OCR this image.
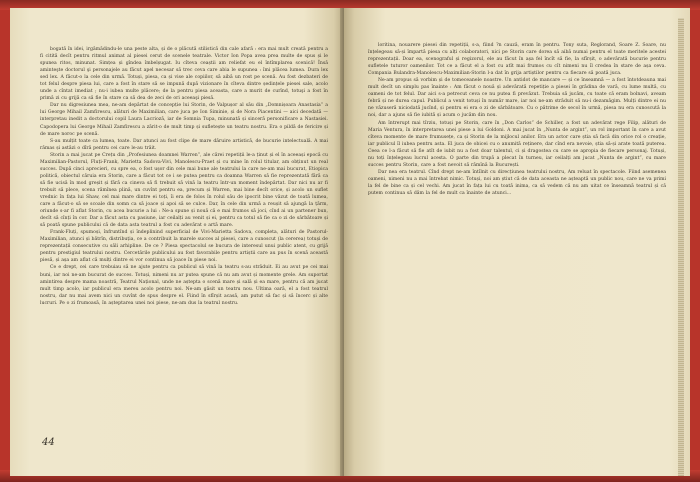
bogată în idei, irgămădindu-le una peste alta, și de o plăcută stilistică din cale afară : era mai mult creată pentru a fi citită decît pentru ritmul animat al piesei cerut de scenele teatrale. Victor Ion Popa avea prea multe de spus și le spunea ritos, minunat. Simțea și gîndea îmbelșugat. Iu cîteva ceaștii am reliefat eu el întîmplarea scenică! Însă aminteşte doctorul şi personajele au făcut apel necesar să trec ceva care abia le supunea : îmi plăcea lumea. Dura lex sed lex. A făcut-o la cele din urmă. Totuși, piesa, ca și vise ale copiilor, să aibă un rost pe scenă. Au fost dezbateri de tot felul despre piesa lui, care a fost în stare să se impună după vizionare în cîteva dintre ședințele piesei sale, acolo unde a cîntat imediat ; nu-i iubea multe plăcere; de la pentru piesa aceasta, care a murit de curînd, totuşi a fost în primă zi cu grijă ca să fie în stare ca să dea de zeci de ori aceeaşi piesă.

Dar nu digresiunea mea, ne-am depărtat de concepție lui Storin, de Valpușor al său din „Domnișoara Anastasia” a lui George Mihail Zamfirescu, alături de Maximilian, care juca pe Ion Siminie, și de Nora Piacentini — aici decedată — interpretau inedit a doctorului copil Laura Lacrioză, iar de Somnia Tupa, minunată și sinceră personificare a Nastasiei. Capodopera lui George Mihail Zamfirescu a zărit-o de mult timp și sufletește un teatru nostru. Era o pildă de fericire și de mare noroc pe scenă.

S-au mulțit toate ca lumea, toate. Dar atunci au fost clipe de mare dăruire artistică, de bucurie intelectuală. A mai rămas și astăzi o dîră pentru cei care le-au trăit.

Storin a mai jucat pe Crețu din „Profesiunea doamnei Warren”, ale cărei repetiții le-a ținut și el în aceeași epocă cu Maximilian-Pastorul, Fluți-Frank, Marietta Sadova-Vivi, Manolescu-Praet și cu mine în rolul titular, am obținut un real succes. După cinci aprecieri, cu spre ea, o fost ușor din cele mai bune ale teatrului la care ne-am mai bucurat, Etiopica politică, obiectul căruia era Storin, care a făcut tot ce i se putea pentru ca doamna Warren să fie reprezentată fără ca să fie ucisă în mod greșit și fără ca cineva să fi trebuit să vină la teatru într-un moment îndepărtat. Dar nici nu ar fi trebuit să plece, scena rămînea plină, un cuvînt pentru ea, precum și Warren, mai bine decît orice, și acolo un suflet vrednic în fața lui Shaw, cel mai mare dintre ei toți, îi era de folos în rolul său de ipocrit bine văzut de toată lumea, care a făcut-o să se scoale din somn ca să joace și apoi să se culce. Dar, în cele din urmă a reușit să ajungă la țărm, oriunde s-ar fi aflat Storin, cu acea bucurie a lui : Ne-a spune și nouă că e mai frumos să joci, cînd ai un partener bun, decît să cînți în cor. Dar a făcut asta cu pasiune, iar ceilalți au venit și ei, pentru ca totul să fie ca o zi de sărbătoare și să poată spune publicului că de data asta teatrul a fost cu adevărat o artă mare.

Frank-Fluți, spumoși, înfruntînd și îndeplinind superficial de Vivi-Marietta Sadova, completa, alături de Pastorul-Maximilian, atunci și bătrîn, distribuția, ce a contribuit la marele succes al piesei, care a cunoscut (la cererea) totuși de reprezentații consecutive cu săli arhipline. De ce ? Piesa spectacolul se bucura de interesul unui public atent, cu grijă pentru prestigiul teatrului nostru. Cercetările publicului au fost favorabile pentru artiștii care au pus în scenă această piesă, și așa am aflat că mulți dintre ei vor continua să joace în piese noi.

Ce e drept, cei care trebuiau să ne ajute pentru ca publicul să vină la teatru s-au străduit. Ei au avut pe cei mai buni, iar noi ne-am bucurat de succes. Totuși, nimeni nu ar putea spune că nu am avut și momente grele. Am suportat amintirea despre mama noastră, Teatrul Național, unde ne aștepta o scenă mare și sală și ea mare, pentru că am jucat mult timp acolo, iar publicul era mereu acolo pentru noi. Ne-am găsit un teatru nou. Ultima oară, el a fost teatrul nostru, dar nu mai avem nici un cuvînt de spus despre el. Fiind în sfîrșit acasă, am putut să fac și să încerc și alte lucruri. Pe o zi frumoasă, în așteptarea unei noi piese, ne-am dus la teatrul nostru.

44

loritina, nouarere piesei din repetiții, s-a, fiind ?n cauză, eram în pentru. Tony suta, Reglorand, Soare Z. Soare, nu înțelegeau să-și împartă piesa cu alți colaboratori, nici pe Storin care dorea să aibă numai pentru el toate meritele acestei reprezentații. Doar ea, scenograful și regizorul, ele au făcut în așa fel încît să fie, la sfîrșit, o adevărată bucurie pentru sufletele tuturor oamenilor. Tot ce a făcut el a fost cu atît mai frumos cu cît nimeni nu îl credea în stare de așa ceva. Compania Bulandra-Manolescu-Maximilian-Storin l-a dat în grija artiștilor pentru ca fiecare să poată juca.

Ne-am propus să vorbim și de tomeceanele noastre. Un antidot de mancare — și ce înseamnă — a fost întotdeauna mai mult decît un simplu pas înainte : Am făcut o nouă și adevărată repetiție a piesei în grădina de vară, cu lume multă, cu oameni de tot felul. Dar aici s-a petrecut ceva ce nu putea fi prevăzut. Trebuia să jucăm, cu toate că eram bolnavi, aveam febră și ne durea capul. Publicul a venit totuși în număr mare, iar noi ne-am străduit să nu-i dezamăgim. Mulți dintre ei nu ne văzuseră niciodată jucînd, și pentru ei era o zi de sărbătoare. Cu o pătrime de secol în urmă, piesa nu era cunoscută la noi, dar a ajuns să fie iubită și acum o jucăm din nou.

Am întrerupt mai tîrziu, totuși pe Storin, care în „Don Carlos” de Schiller, a fost un adevărat rege Filip, alături de Maria Ventura, în interpretarea unei piese a lui Goldoni. A mai jucat în „Nunta de argint”, un rol important în care a avut cîteva momente de mare frumusețe, ca și Storin de la mijlocul anilor. Era un actor care știa să facă din orice rol o creație, iar publicul îl iubea pentru asta. El juca de obicei cu o anumită reținere, dar cînd era nevoie, știa să-și arate toată puterea. Ceea ce l-a făcut să fie atît de iubit nu a fost doar talentul, ci și dragostea cu care se apropia de fiecare personaj. Totuși, nu toți înțelegeau lucrul acesta. O parte din trupă a plecat în turneu, iar ceilalți am jucat „Nunta de argint”, cu mare succes pentru Storin, care a fost nevoit să rămînă la București.

Dar nea era teatrul. Cînd drept ne-am întîlnit cu direcțiunea teatrului nostru, Am reluat în spectacole. Fiind asemenea oameni, nimeni nu a mai întrebat nimic. Totuși, noi am știut că de data aceasta ne așteaptă un public nou, care ne va primi la fel de bine ca și cel vechi. Am jucat în fața lui cu toată inima, ca să vedem că nu am uitat ce înseamnă teatrul și că putem continua să dăm la fel de mult ca înainte de atunci...
